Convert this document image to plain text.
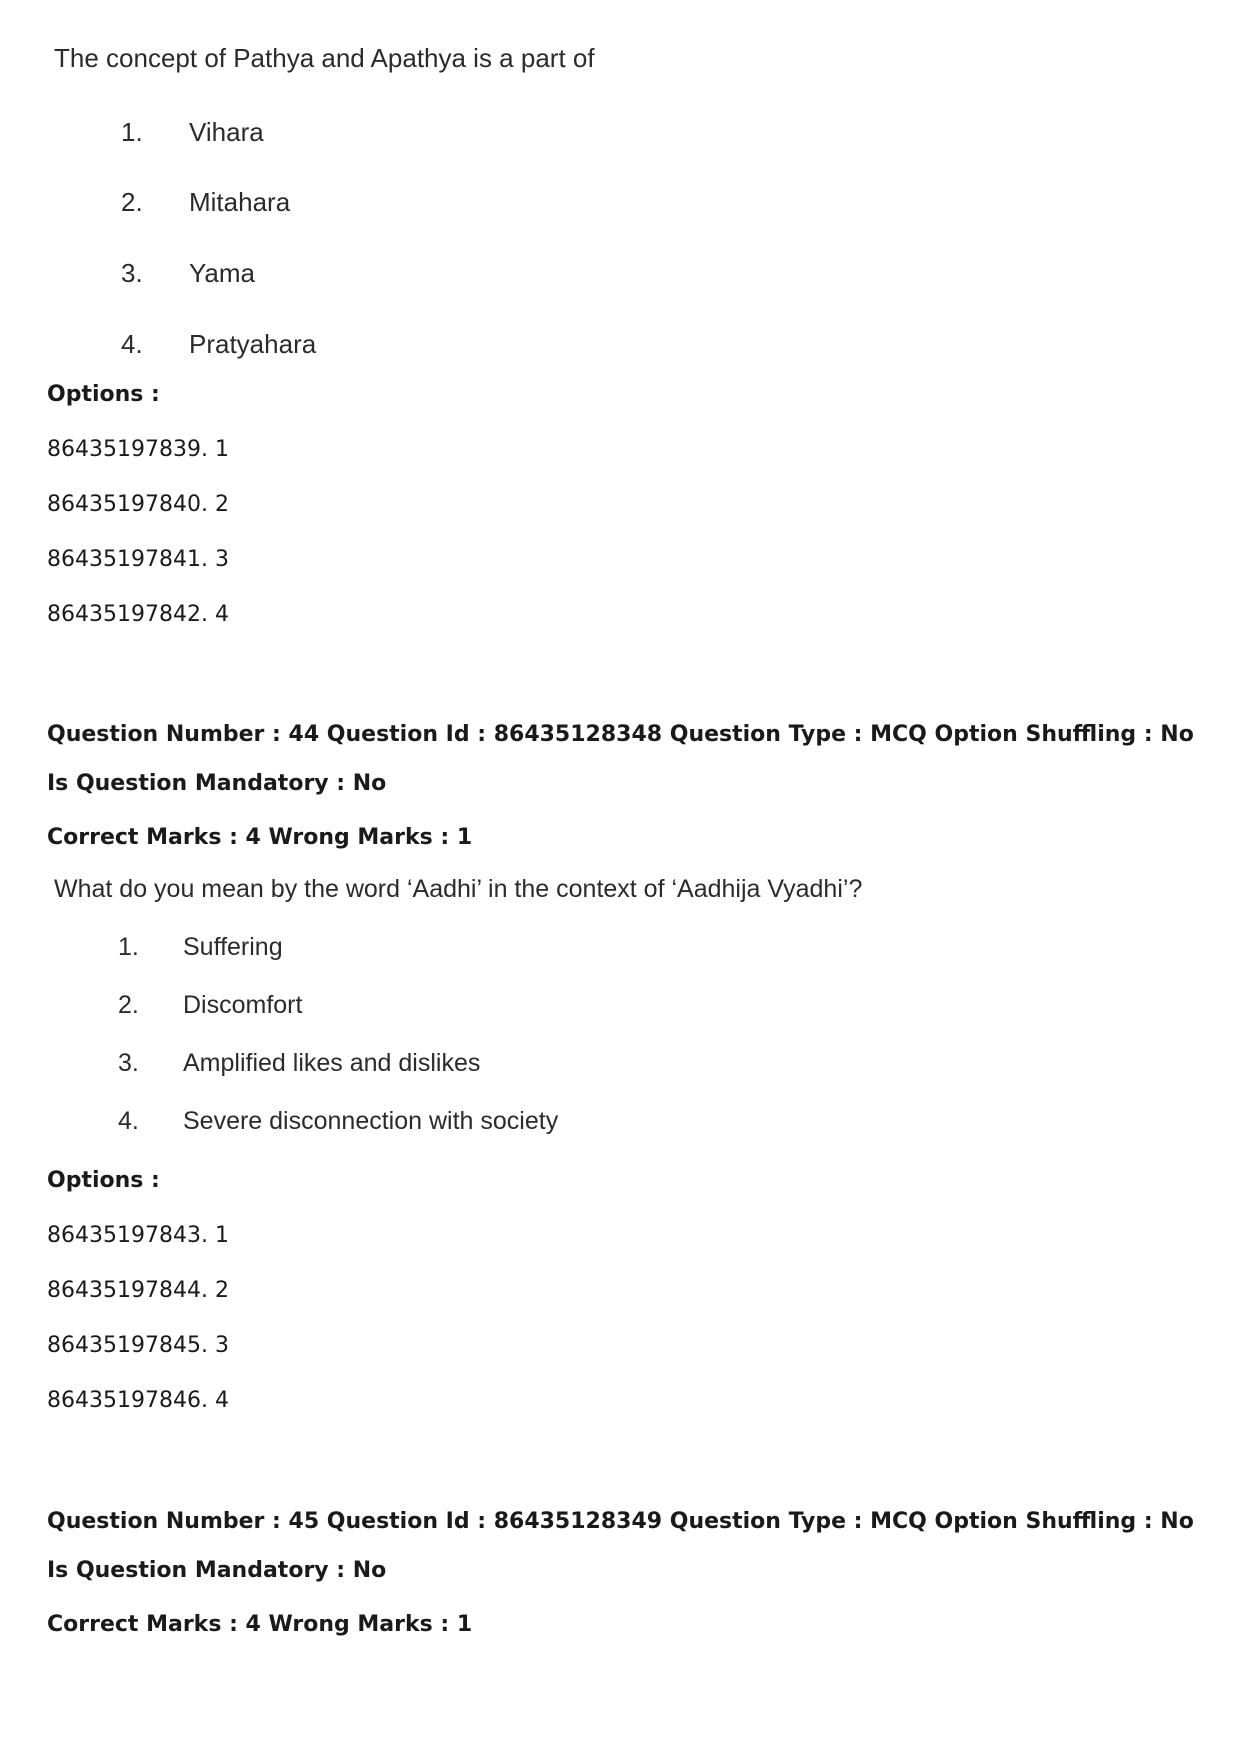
The concept of Pathya and Apathya is a part of
1. Vihara
2. Mitahara
3. Yama
4. Pratyahara
Options :
86435197839. 1
86435197840. 2
86435197841. 3
86435197842. 4
Question Number : 44 Question Id : 86435128348 Question Type : MCQ Option Shuffling : No
Is Question Mandatory : No
Correct Marks : 4 Wrong Marks : 1
What do you mean by the word ‘Aadhi’ in the context of ‘Aadhija Vyadhi’?
1. Suffering
2. Discomfort
3. Amplified likes and dislikes
4. Severe disconnection with society
Options :
86435197843. 1
86435197844. 2
86435197845. 3
86435197846. 4
Question Number : 45 Question Id : 86435128349 Question Type : MCQ Option Shuffling : No
Is Question Mandatory : No
Correct Marks : 4 Wrong Marks : 1
